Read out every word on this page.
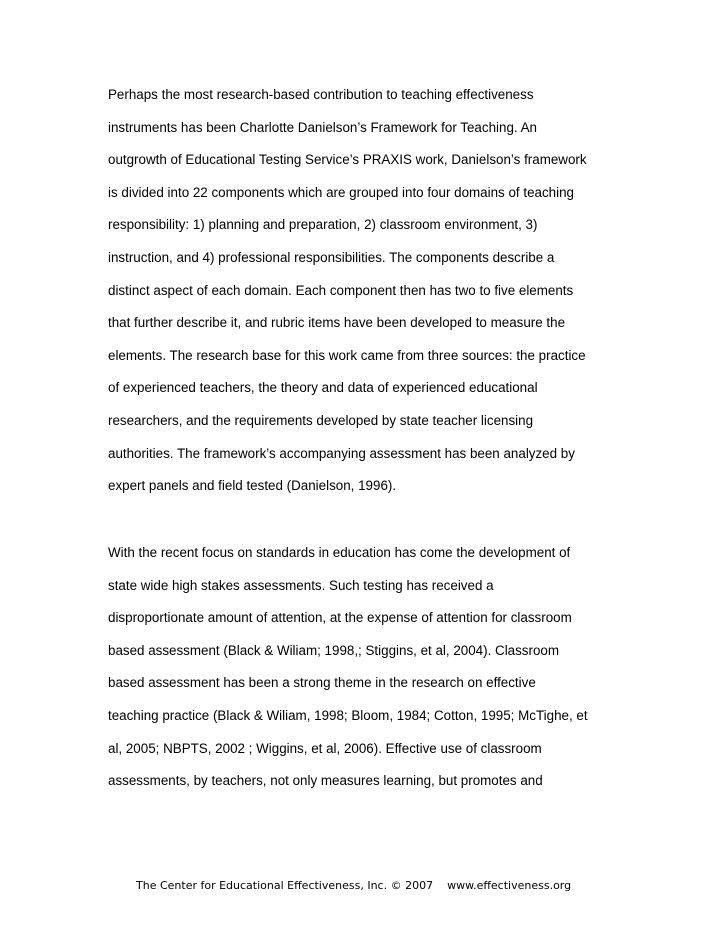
Perhaps the most research-based contribution to teaching effectiveness
instruments has been Charlotte Danielson’s Framework for Teaching. An
outgrowth of Educational Testing Service’s PRAXIS work, Danielson’s framework
is divided into 22 components which are grouped into four domains of teaching
responsibility: 1) planning and preparation, 2) classroom environment, 3)
instruction, and 4) professional responsibilities. The components describe a
distinct aspect of each domain. Each component then has two to five elements
that further describe it, and rubric items have been developed to measure the
elements. The research base for this work came from three sources: the practice
of experienced teachers, the theory and data of experienced educational
researchers, and the requirements developed by state teacher licensing
authorities. The framework’s accompanying assessment has been analyzed by
expert panels and field tested (Danielson, 1996).
With the recent focus on standards in education has come the development of
state wide high stakes assessments. Such testing has received a
disproportionate amount of attention, at the expense of attention for classroom
based assessment (Black & Wiliam; 1998,; Stiggins, et al, 2004). Classroom
based assessment has been a strong theme in the research on effective
teaching practice (Black & Wiliam, 1998; Bloom, 1984; Cotton, 1995; McTighe, et
al, 2005; NBPTS, 2002 ; Wiggins, et al, 2006). Effective use of classroom
assessments, by teachers, not only measures learning, but promotes and
The Center for Educational Effectiveness, Inc. © 2007 www.effectiveness.org
